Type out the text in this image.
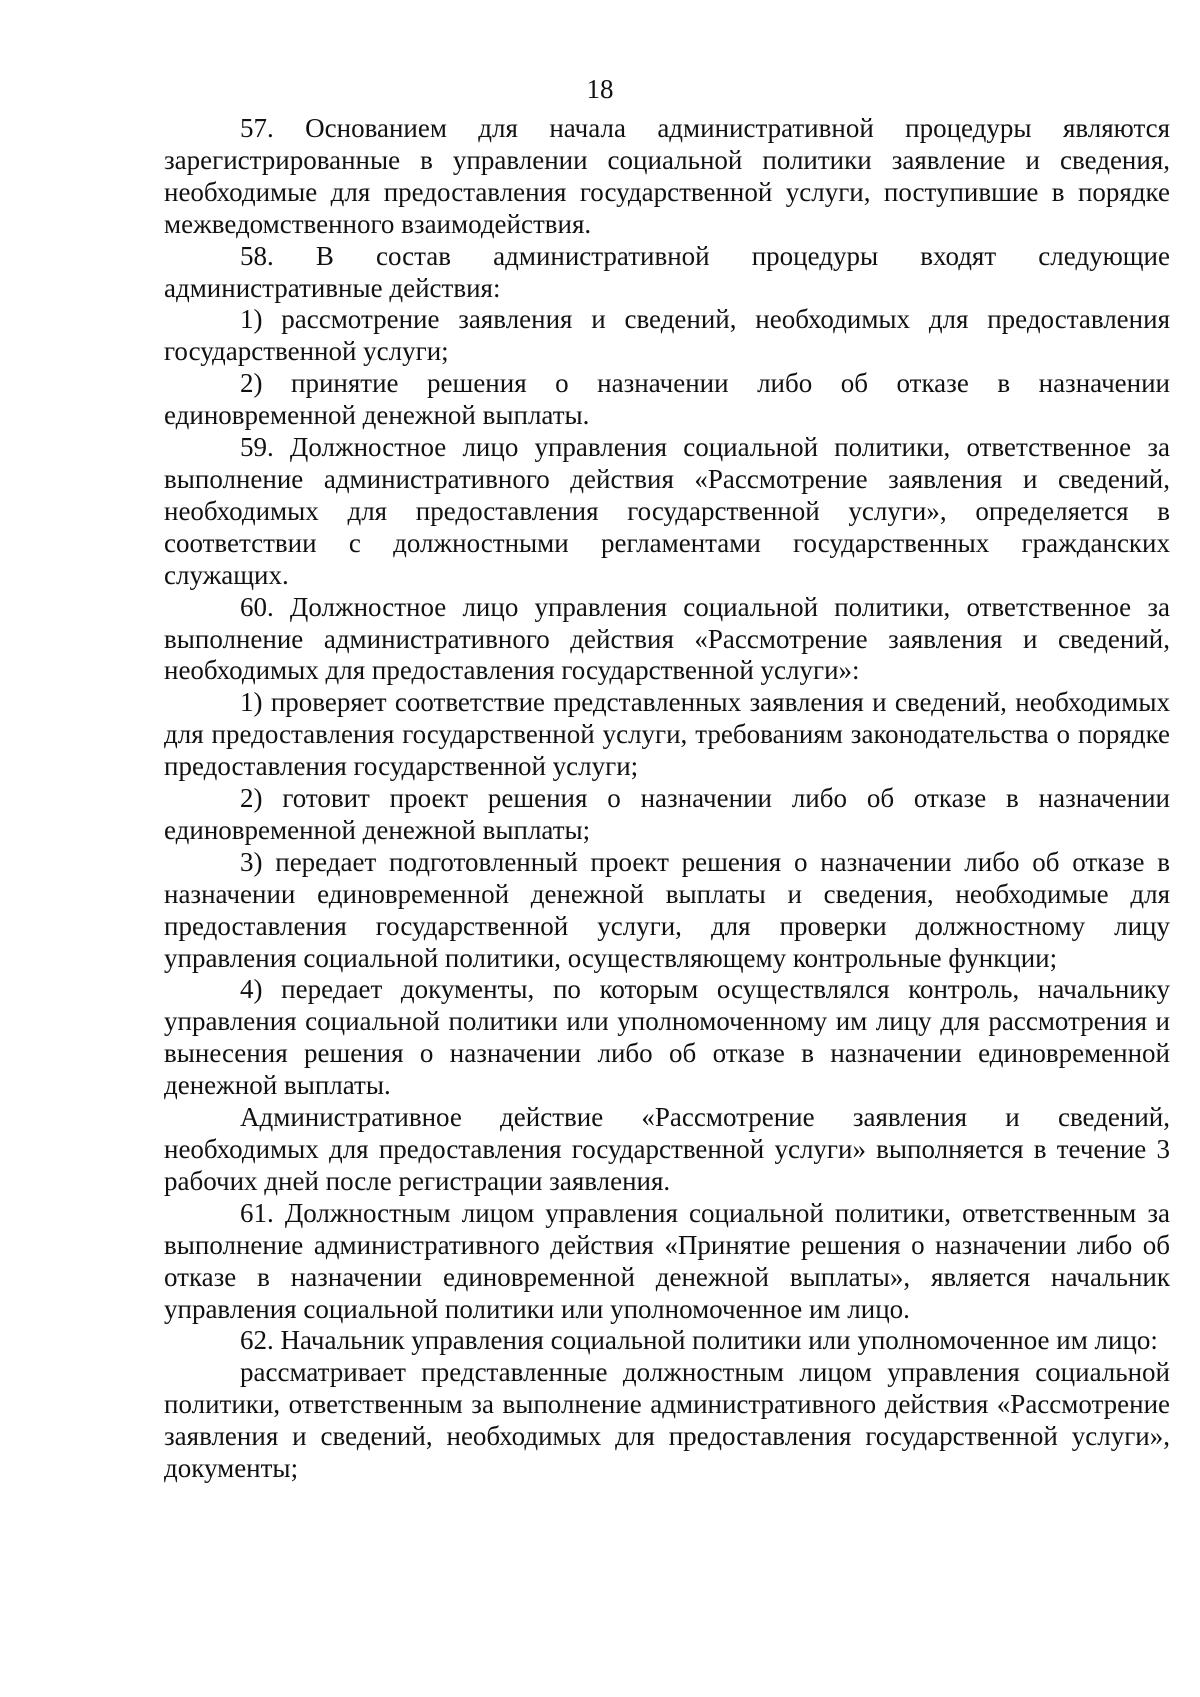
18

57. Основанием для начала административной процедуры являются зарегистрированные в управлении социальной политики заявление и сведения, необходимые для предоставления государственной услуги, поступившие в порядке межведомственного взаимодействия.

58. В состав административной процедуры входят следующие административные действия:

1) рассмотрение заявления и сведений, необходимых для предоставления государственной услуги;

2) принятие решения о назначении либо об отказе в назначении единовременной денежной выплаты.

59. Должностное лицо управления социальной политики, ответственное за выполнение административного действия «Рассмотрение заявления и сведений, необходимых для предоставления государственной услуги», определяется в соответствии с должностными регламентами государственных гражданских служащих.

60. Должностное лицо управления социальной политики, ответственное за выполнение административного действия «Рассмотрение заявления и сведений, необходимых для предоставления государственной услуги»:

1) проверяет соответствие представленных заявления и сведений, необходимых для предоставления государственной услуги, требованиям законодательства о порядке предоставления государственной услуги;

2) готовит проект решения о назначении либо об отказе в назначении единовременной денежной выплаты;

3) передает подготовленный проект решения о назначении либо об отказе в назначении единовременной денежной выплаты и сведения, необходимые для предоставления государственной услуги, для проверки должностному лицу управления социальной политики, осуществляющему контрольные функции;

4) передает документы, по которым осуществлялся контроль, начальнику управления социальной политики или уполномоченному им лицу для рассмотрения и вынесения решения о назначении либо об отказе в назначении единовременной денежной выплаты.

Административное действие «Рассмотрение заявления и сведений, необходимых для предоставления государственной услуги» выполняется в течение 3 рабочих дней после регистрации заявления.

61. Должностным лицом управления социальной политики, ответственным за выполнение административного действия «Принятие решения о назначении либо об отказе в назначении единовременной денежной выплаты», является начальник управления социальной политики или уполномоченное им лицо.

62. Начальник управления социальной политики или уполномоченное им лицо:

рассматривает представленные должностным лицом управления социальной политики, ответственным за выполнение административного действия «Рассмотрение заявления и сведений, необходимых для предоставления государственной услуги», документы;
